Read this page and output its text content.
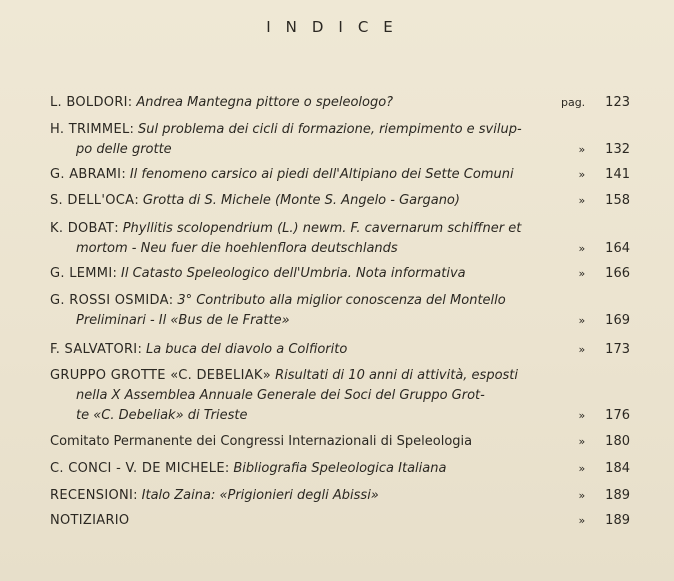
INDICE
L. BOLDORI: Andrea Mantegna pittore o speleologo?	pag. 123
H. TRIMMEL: Sul problema dei cicli di formazione, riempimento e svilup-
po delle grotte	» 132
G. ABRAMI: Il fenomeno carsico ai piedi dell'Altipiano dei Sette Comuni	» 141
S. DELL'OCA: Grotta di S. Michele (Monte S. Angelo - Gargano)	» 158
K. DOBAT: Phyllitis scolopendrium (L.) newm. F. cavernarum schiffner et
mortom - Neu fuer die hoehlenflora deutschlands	» 164
G. LEMMI: Il Catasto Speleologico dell'Umbria. Nota informativa	» 166
G. ROSSI OSMIDA: 3° Contributo alla miglior conoscenza del Montello
Preliminari - Il «Bus de le Fratte»	» 169
F. SALVATORI: La buca del diavolo a Colfiorito	» 173
GRUPPO GROTTE «C. DEBELIAK» Risultati di 10 anni di attività, esposti
nella X Assemblea Annuale Generale dei Soci del Gruppo Grot-
te «C. Debeliak» di Trieste	» 176
Comitato Permanente dei Congressi Internazionali di Speleologia	» 180
C. CONCI - V. DE MICHELE: Bibliografia Speleologica Italiana	» 184
RECENSIONI: Italo Zaina: «Prigionieri degli Abissi»	» 189
NOTIZIARIO	» 189
